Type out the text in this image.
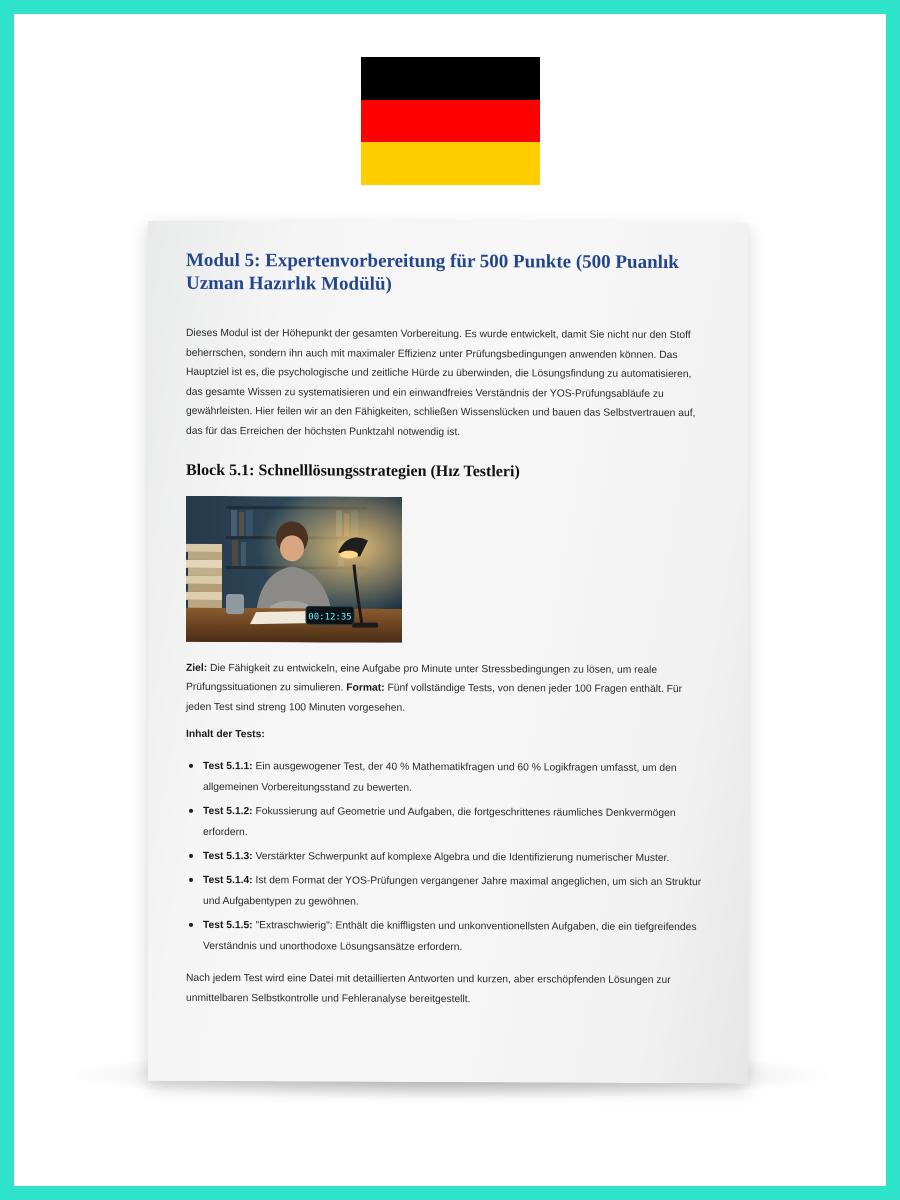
Modul 5: Expertenvorbereitung für 500 Punkte (500 Puanlık Uzman Hazırlık Modülü)

Dieses Modul ist der Höhepunkt der gesamten Vorbereitung. Es wurde entwickelt, damit Sie nicht nur den Stoff beherrschen, sondern ihn auch mit maximaler Effizienz unter Prüfungsbedingungen anwenden können. Das Hauptziel ist es, die psychologische und zeitliche Hürde zu überwinden, die Lösungsfindung zu automatisieren, das gesamte Wissen zu systematisieren und ein einwandfreies Verständnis der YOS-Prüfungsabläufe zu gewährleisten. Hier feilen wir an den Fähigkeiten, schließen Wissenslücken und bauen das Selbstvertrauen auf, das für das Erreichen der höchsten Punktzahl notwendig ist.

Block 5.1: Schnelllösungsstrategien (Hız Testleri)
00:12:35

Ziel: Die Fähigkeit zu entwickeln, eine Aufgabe pro Minute unter Stressbedingungen zu lösen, um reale Prüfungssituationen zu simulieren. Format: Fünf vollständige Tests, von denen jeder 100 Fragen enthält. Für jeden Test sind streng 100 Minuten vorgesehen.

Inhalt der Tests:

Test 5.1.1: Ein ausgewogener Test, der 40 % Mathematikfragen und 60 % Logikfragen umfasst, um den allgemeinen Vorbereitungsstand zu bewerten.
Test 5.1.2: Fokussierung auf Geometrie und Aufgaben, die fortgeschrittenes räumliches Denkvermögen erfordern.
Test 5.1.3: Verstärkter Schwerpunkt auf komplexe Algebra und die Identifizierung numerischer Muster.
Test 5.1.4: Ist dem Format der YOS-Prüfungen vergangener Jahre maximal angeglichen, um sich an Struktur und Aufgabentypen zu gewöhnen.
Test 5.1.5: "Extraschwierig": Enthält die kniffligsten und unkonventionellsten Aufgaben, die ein tiefgreifendes Verständnis und unorthodoxe Lösungsansätze erfordern.

Nach jedem Test wird eine Datei mit detaillierten Antworten und kurzen, aber erschöpfenden Lösungen zur unmittelbaren Selbstkontrolle und Fehleranalyse bereitgestellt.
